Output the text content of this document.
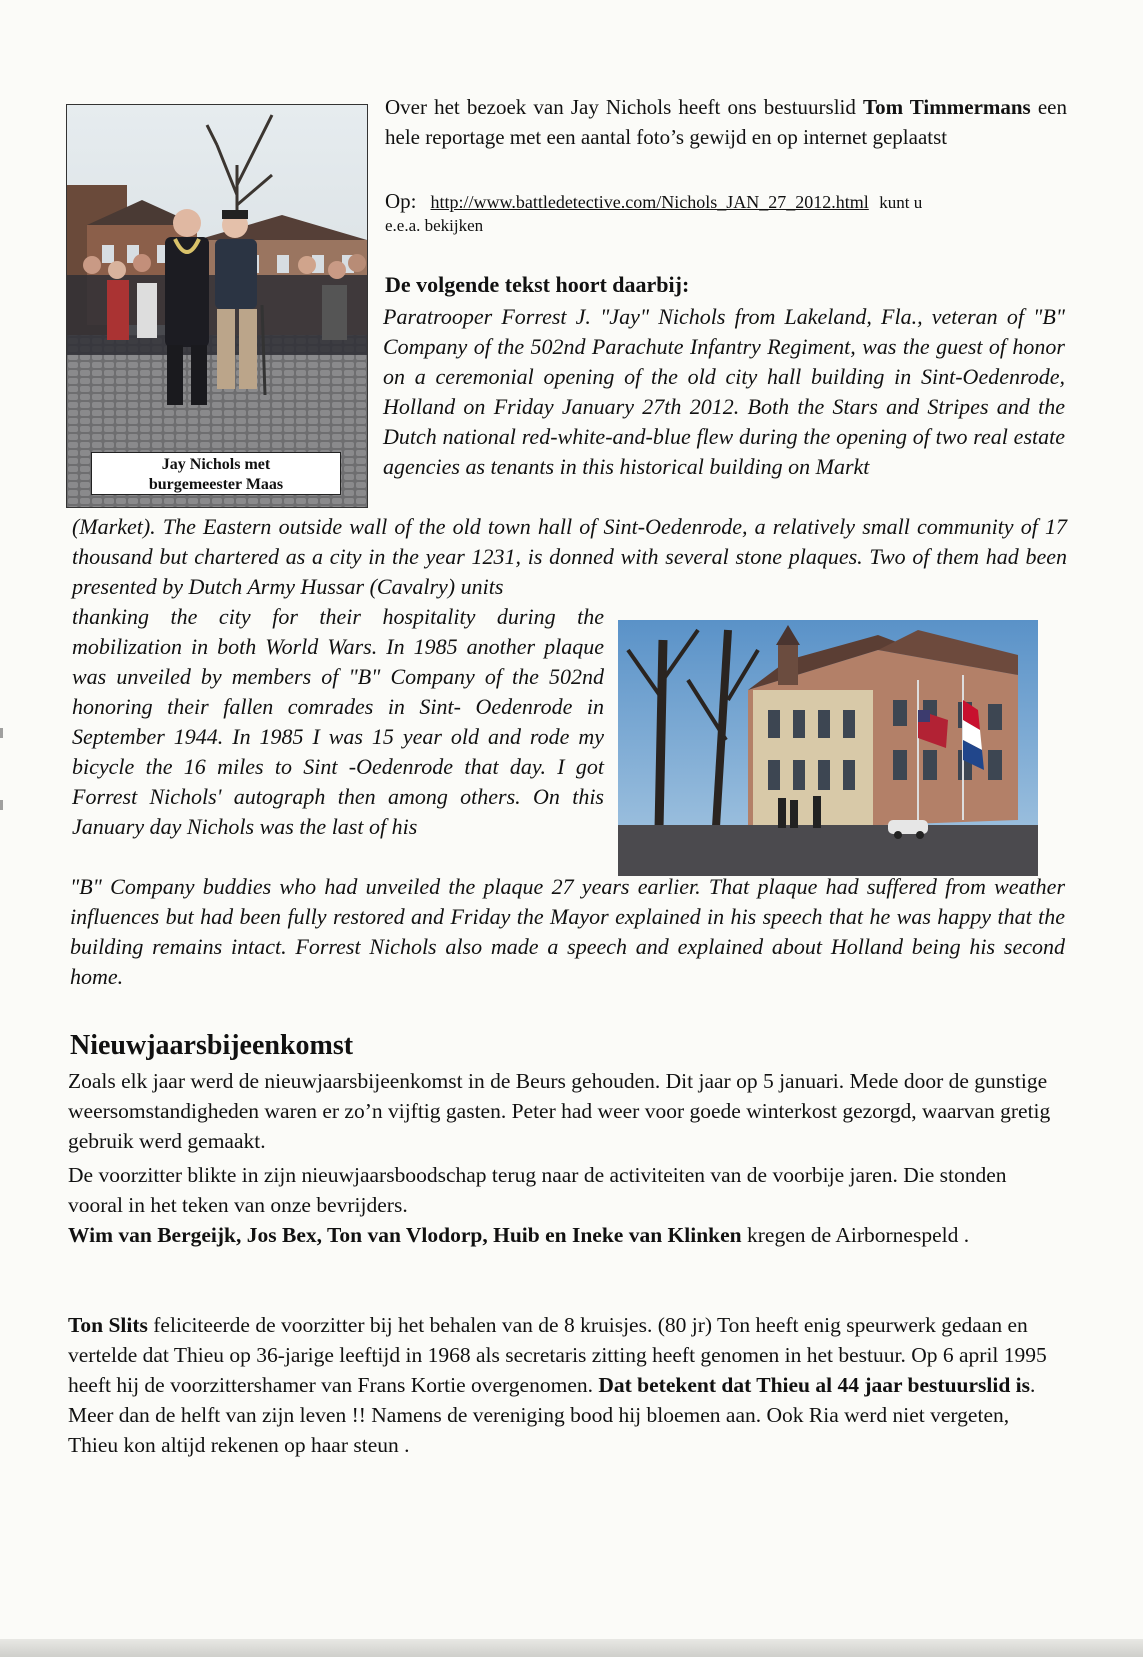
Jay Nichols met
burgemeester Maas
Over het bezoek van Jay Nichols heeft ons bestuurslid Tom Timmermans een hele reportage met een aantal foto’s gewijd en op internet geplaatst
Op: http://www.battledetective.com/Nichols_JAN_27_2012.html kunt u
e.e.a. bekijken
De volgende tekst hoort daarbij:
Paratrooper Forrest J. "Jay" Nichols from Lakeland, Fla., veteran of "B" Company of the 502nd Parachute Infantry Regiment, was the guest of honor on a ceremonial opening of the old city hall building in Sint-Oedenrode, Holland on Friday January 27th 2012. Both the Stars and Stripes and the Dutch national red-white-and-blue flew during the opening of two real estate agencies as tenants in this historical building on Markt
(Market). The Eastern outside wall of the old town hall of Sint-Oedenrode, a relatively small community of 17 thousand but chartered as a city in the year 1231, is donned with several stone plaques. Two of them had been presented by Dutch Army Hussar (Cavalry) units
thanking the city for their hospitality during the mobilization in both World Wars. In 1985 another plaque was unveiled by members of "B" Company of the 502nd honoring their fallen comrades in Sint- Oedenrode in September 1944. In 1985 I was 15 year old and rode my bicycle the 16 miles to Sint -Oedenrode that day. I got Forrest Nichols' autograph then among others. On this January day Nichols was the last of his
"B" Company buddies who had unveiled the plaque 27 years earlier. That plaque had suffered from weather influences but had been fully restored and Friday the Mayor explained in his speech that he was happy that the building remains intact. Forrest Nichols also made a speech and explained about Holland being his second home.
Nieuwjaarsbijeenkomst
Zoals elk jaar werd de nieuwjaarsbijeenkomst in de Beurs gehouden. Dit jaar op 5 januari. Mede door de gunstige weersomstandigheden waren er zo’n vijftig gasten. Peter had weer voor goede winterkost gezorgd, waarvan gretig gebruik werd gemaakt.
De voorzitter blikte in zijn nieuwjaarsboodschap terug naar de activiteiten van de voorbije jaren. Die stonden vooral in het teken van onze bevrijders.
Wim van Bergeijk, Jos Bex, Ton van Vlodorp, Huib en Ineke van Klinken kregen de Airbornespeld .
Ton Slits feliciteerde de voorzitter bij het behalen van de 8 kruisjes. (80 jr) Ton heeft enig speurwerk gedaan en vertelde dat Thieu op 36-jarige leeftijd in 1968 als secretaris zitting heeft genomen in het bestuur. Op 6 april 1995 heeft hij de voorzittershamer van Frans Kortie overgenomen. Dat betekent dat Thieu al 44 jaar bestuurslid is. Meer dan de helft van zijn leven !! Namens de vereniging bood hij bloemen aan. Ook Ria werd niet vergeten, Thieu kon altijd rekenen op haar steun .
